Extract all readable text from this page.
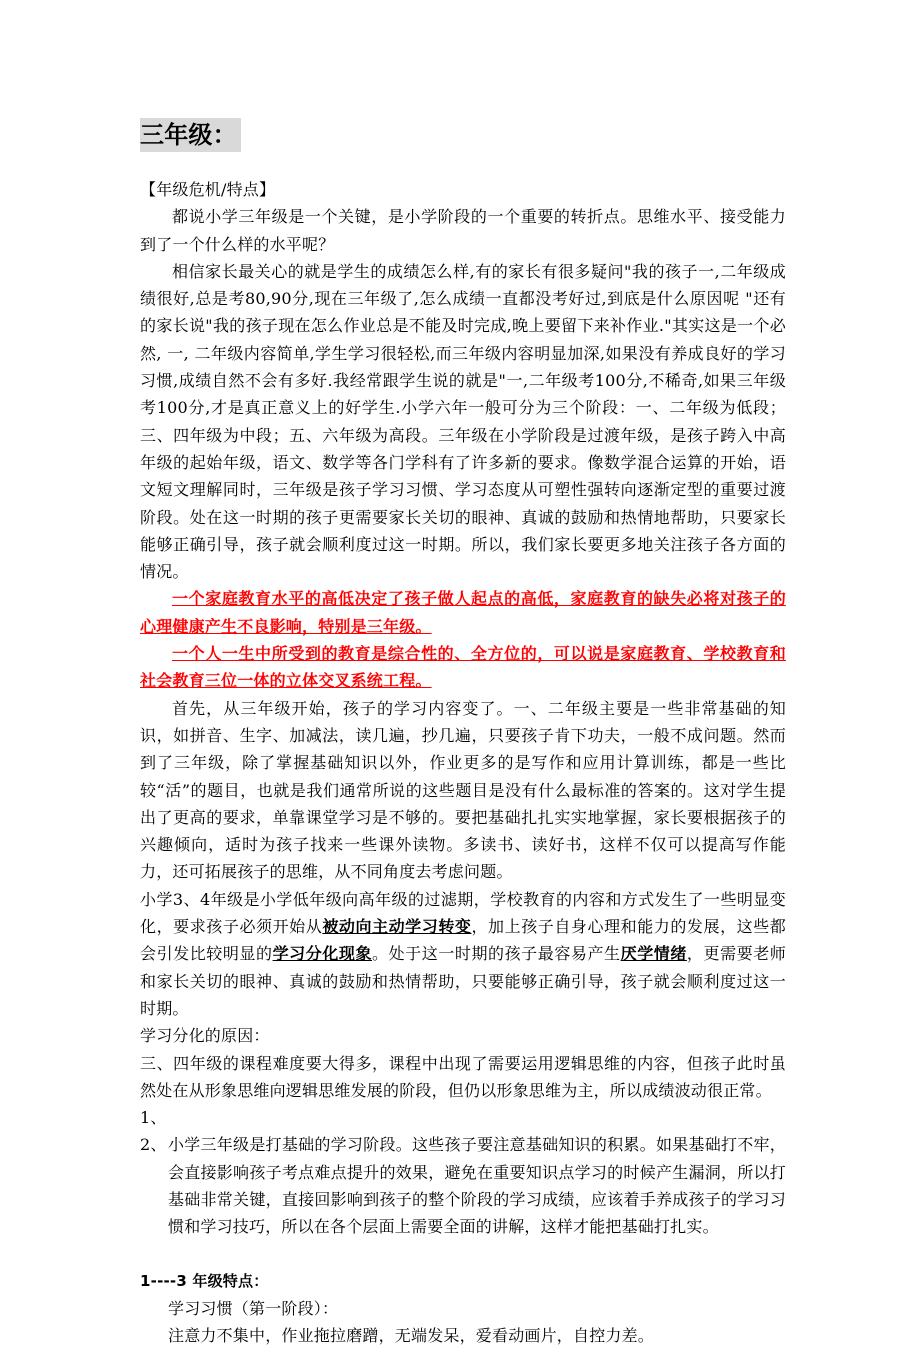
三年级：

【年级危机/特点】

都说小学三年级是一个关键，是小学阶段的一个重要的转折点。思维水平、接受能力到了一个什么样的水平呢？

相信家长最关心的就是学生的成绩怎么样,有的家长有很多疑问"我的孩子一,二年级成绩很好,总是考80,90分,现在三年级了,怎么成绩一直都没考好过,到底是什么原因呢 "还有的家长说"我的孩子现在怎么作业总是不能及时完成,晚上要留下来补作业."其实这是一个必然, 一, 二年级内容简单,学生学习很轻松,而三年级内容明显加深,如果没有养成良好的学习习惯,成绩自然不会有多好.我经常跟学生说的就是"一,二年级考100分,不稀奇,如果三年级考100分,才是真正意义上的好学生.小学六年一般可分为三个阶段：一、二年级为低段；三、四年级为中段；五、六年级为高段。三年级在小学阶段是过渡年级，是孩子跨入中高年级的起始年级，语文、数学等各门学科有了许多新的要求。像数学混合运算的开始，语文短文理解同时，三年级是孩子学习习惯、学习态度从可塑性强转向逐渐定型的重要过渡阶段。处在这一时期的孩子更需要家长关切的眼神、真诚的鼓励和热情地帮助，只要家长能够正确引导，孩子就会顺利度过这一时期。所以，我们家长要更多地关注孩子各方面的情况。

一个家庭教育水平的高低决定了孩子做人起点的高低，家庭教育的缺失必将对孩子的心理健康产生不良影响，特别是三年级。

一个人一生中所受到的教育是综合性的、全方位的，可以说是家庭教育、学校教育和社会教育三位一体的立体交叉系统工程。

首先，从三年级开始，孩子的学习内容变了。一、二年级主要是一些非常基础的知识，如拼音、生字、加减法，读几遍，抄几遍，只要孩子肯下功夫，一般不成问题。然而到了三年级，除了掌握基础知识以外，作业更多的是写作和应用计算训练，都是一些比较“活”的题目，也就是我们通常所说的这些题目是没有什么最标准的答案的。这对学生提出了更高的要求，单靠课堂学习是不够的。要把基础扎扎实实地掌握，家长要根据孩子的兴趣倾向，适时为孩子找来一些课外读物。多读书、读好书，这样不仅可以提高写作能力，还可拓展孩子的思维，从不同角度去考虑问题。

小学3、4年级是小学低年级向高年级的过滤期，学校教育的内容和方式发生了一些明显变化，要求孩子必须开始从被动向主动学习转变，加上孩子自身心理和能力的发展，这些都会引发比较明显的学习分化现象。处于这一时期的孩子最容易产生厌学情绪，更需要老师和家长关切的眼神、真诚的鼓励和热情帮助，只要能够正确引导，孩子就会顺利度过这一时期。

学习分化的原因：

三、四年级的课程难度要大得多，课程中出现了需要运用逻辑思维的内容，但孩子此时虽然处在从形象思维向逻辑思维发展的阶段，但仍以形象思维为主，所以成绩波动很正常。

1、

2、 小学三年级是打基础的学习阶段。这些孩子要注意基础知识的积累。如果基础打不牢，会直接影响孩子考点难点提升的效果，避免在重要知识点学习的时候产生漏洞，所以打基础非常关键，直接回影响到孩子的整个阶段的学习成绩，应该着手养成孩子的学习习惯和学习技巧，所以在各个层面上需要全面的讲解，这样才能把基础打扎实。

1----3 年级特点：

学习习惯（第一阶段）：

注意力不集中，作业拖拉磨蹭，无端发呆，爱看动画片，自控力差。
